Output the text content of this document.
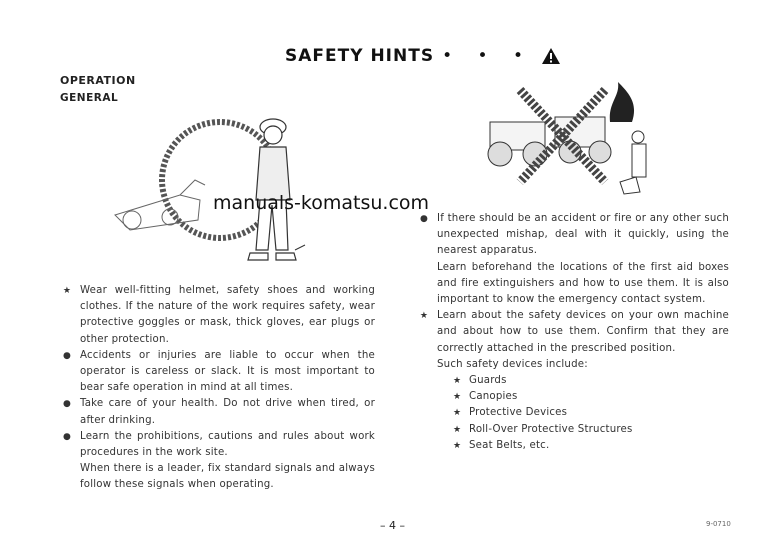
SAFETY HINTS • • •
OPERATION
GENERAL
manuals-komatsu.com
★ Wear well-fitting helmet, safety shoes and working clothes. If the nature of the work requires safety, wear protective goggles or mask, thick gloves, ear plugs or other protection.

● Accidents or injuries are liable to occur when the operator is careless or slack. It is most important to bear safe operation in mind at all times.

● Take care of your health. Do not drive when tired, or after drinking.

● Learn the prohibitions, cautions and rules about work procedures in the work site.

When there is a leader, fix standard signals and always follow these signals when operating.

● If there should be an accident or fire or any other such unexpected mishap, deal with it quickly, using the nearest apparatus.

Learn beforehand the locations of the first aid boxes and fire extinguishers and how to use them. It is also important to know the emergency contact system.

★ Learn about the safety devices on your own machine and about how to use them. Confirm that they are correctly attached in the prescribed position.

Such safety devices include:

★ Guards
★ Canopies
★ Protective Devices
★ Roll-Over Protective Structures
★ Seat Belts, etc.
– 4 –	9-0710
